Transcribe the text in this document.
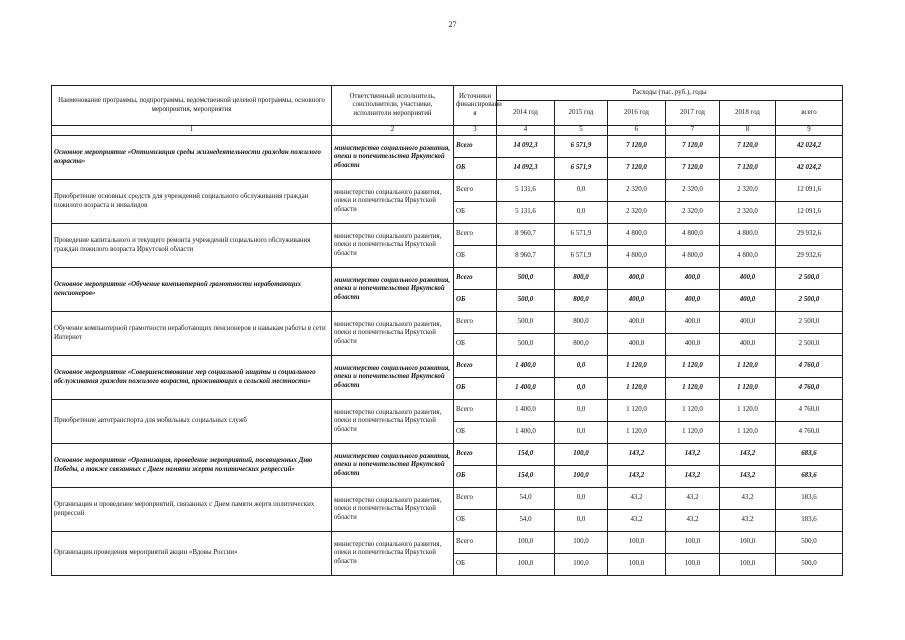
27
Наименование программы, подпрограммы, ведомственной целевой программы, основного мероприятия, мероприятия	Ответственный исполнитель, соисполнители, участники, исполнители мероприятий	Источники финансировани я	Расходы (тыс. руб.), годы					
			2014 год	2015 год	2016 год	2017 год	2018 год	всего
1	2	3	4	5	6	7	8	9
Основное мероприятие «Оптимизация среды жизнедеятельности граждан пожилого возраста»	министерство социального развития, опеки и попечительства Иркутской области	Всего	14 092,3	6 571,9	7 120,0	7 120,0	7 120,0	42 024,2
		ОБ	14 092,3	6 571,9	7 120,0	7 120,0	7 120,0	42 024,2
Приобретение основных средств для учреждений социального обслуживания граждан пожилого возраста и инвалидов	министерство социального развития, опеки и попечительства Иркутской области	Всего	5 131,6	0,0	2 320,0	2 320,0	2 320,0	12 091,6
		ОБ	5 131,6	0,0	2 320,0	2 320,0	2 320,0	12 091,6
Проведение капитального и текущего ремонта учреждений социального обслуживания граждан пожилого возраста Иркутской области	министерство социального развития, опеки и попечительства Иркутской области	Всего	8 960,7	6 571,9	4 800,0	4 800,0	4 800,0	29 932,6
		ОБ	8 960,7	6 571,9	4 800,0	4 800,0	4 800,0	29 932,6
Основное мероприятие «Обучение компьютерной грамотности неработающих пенсионеров»	министерство социального развития, опеки и попечительства Иркутской области	Всего	500,0	800,0	400,0	400,0	400,0	2 500,0
		ОБ	500,0	800,0	400,0	400,0	400,0	2 500,0
Обучение компьютерной грамотности неработающих пенсионеров и навыкам работы в сети Интернет	министерство социального развития, опеки и попечительства Иркутской области	Всего	500,0	800,0	400,0	400,0	400,0	2 500,0
		ОБ	500,0	800,0	400,0	400,0	400,0	2 500,0
Основное мероприятие «Совершенствование мер социальной защиты и социального обслуживания граждан пожилого возраста, проживающих в сельской местности»	министерство социального развития, опеки и попечительства Иркутской области	Всего	1 400,0	0,0	1 120,0	1 120,0	1 120,0	4 760,0
		ОБ	1 400,0	0,0	1 120,0	1 120,0	1 120,0	4 760,0
Приобретение автотранспорта для мобильных социальных служб	министерство социального развития, опеки и попечительства Иркутской области	Всего	1 400,0	0,0	1 120,0	1 120,0	1 120,0	4 760,0
		ОБ	1 400,0	0,0	1 120,0	1 120,0	1 120,0	4 760,0
Основное мероприятие «Организация, проведение мероприятий, посвященных Дню Победы, а также связанных с Днем памяти жертв политических репрессий»	министерство социального развития, опеки и попечительства Иркутской области	Всего	154,0	100,0	143,2	143,2	143,2	683,6
		ОБ	154,0	100,0	143,2	143,2	143,2	683,6
Организация и проведение мероприятий, связанных с Днем памяти жертв политических репрессий	министерство социального развития, опеки и попечительства Иркутской области	Всего	54,0	0,0	43,2	43,2	43,2	183,6
		ОБ	54,0	0,0	43,2	43,2	43,2	183,6
Организация проведения мероприятий акции «Вдовы России»	министерство социального развития, опеки и попечительства Иркутской области	Всего	100,0	100,0	100,0	100,0	100,0	500,0
		ОБ	100,0	100,0	100,0	100,0	100,0	500,0
